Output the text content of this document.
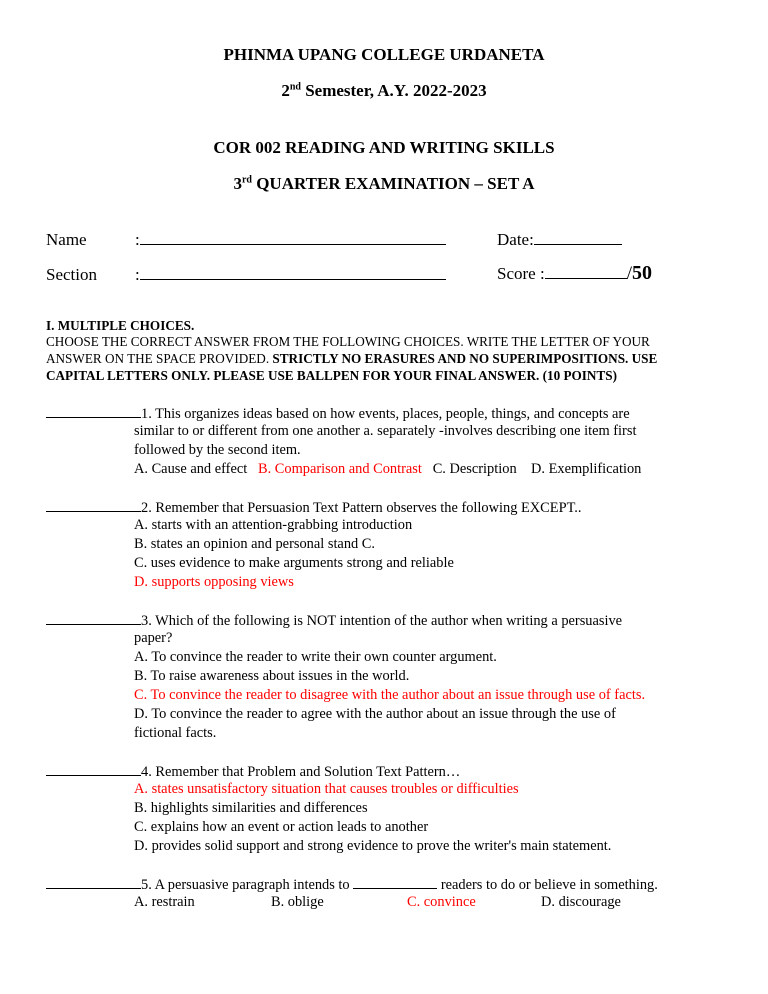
PHINMA UPANG COLLEGE URDANETA
2nd Semester, A.Y. 2022-2023
COR 002 READING AND WRITING SKILLS
3rd QUARTER EXAMINATION – SET A
Name	:	Date:
Section :	Score :	/50
I. MULTIPLE CHOICES.
CHOOSE THE CORRECT ANSWER FROM THE FOLLOWING CHOICES. WRITE THE LETTER OF YOUR
ANSWER ON THE SPACE PROVIDED. STRICTLY NO ERASURES AND NO SUPERIMPOSITIONS. USE
CAPITAL LETTERS ONLY. PLEASE USE BALLPEN FOR YOUR FINAL ANSWER. (10 POINTS)
1. This organizes ideas based on how events, places, people, things, and concepts are
similar to or different from one another a. separately -involves describing one item first
followed by the second item.
A. Cause and effect B. Comparison and Contrast C. Description D. Exemplification
2. Remember that Persuasion Text Pattern observes the following EXCEPT..
A. starts with an attention-grabbing introduction
B. states an opinion and personal stand C.
C. uses evidence to make arguments strong and reliable
D. supports opposing views
3. Which of the following is NOT intention of the author when writing a persuasive
paper?
A. To convince the reader to write their own counter argument.
B. To raise awareness about issues in the world.
C. To convince the reader to disagree with the author about an issue through use of facts.
D. To convince the reader to agree with the author about an issue through the use of
fictional facts.
4. Remember that Problem and Solution Text Pattern…
A. states unsatisfactory situation that causes troubles or difficulties
B. highlights similarities and differences
C. explains how an event or action leads to another
D. provides solid support and strong evidence to prove the writer's main statement.
5. A persuasive paragraph intends to	readers to do or believe in something.
A. restrain	B. oblige	C. convince	D. discourage
